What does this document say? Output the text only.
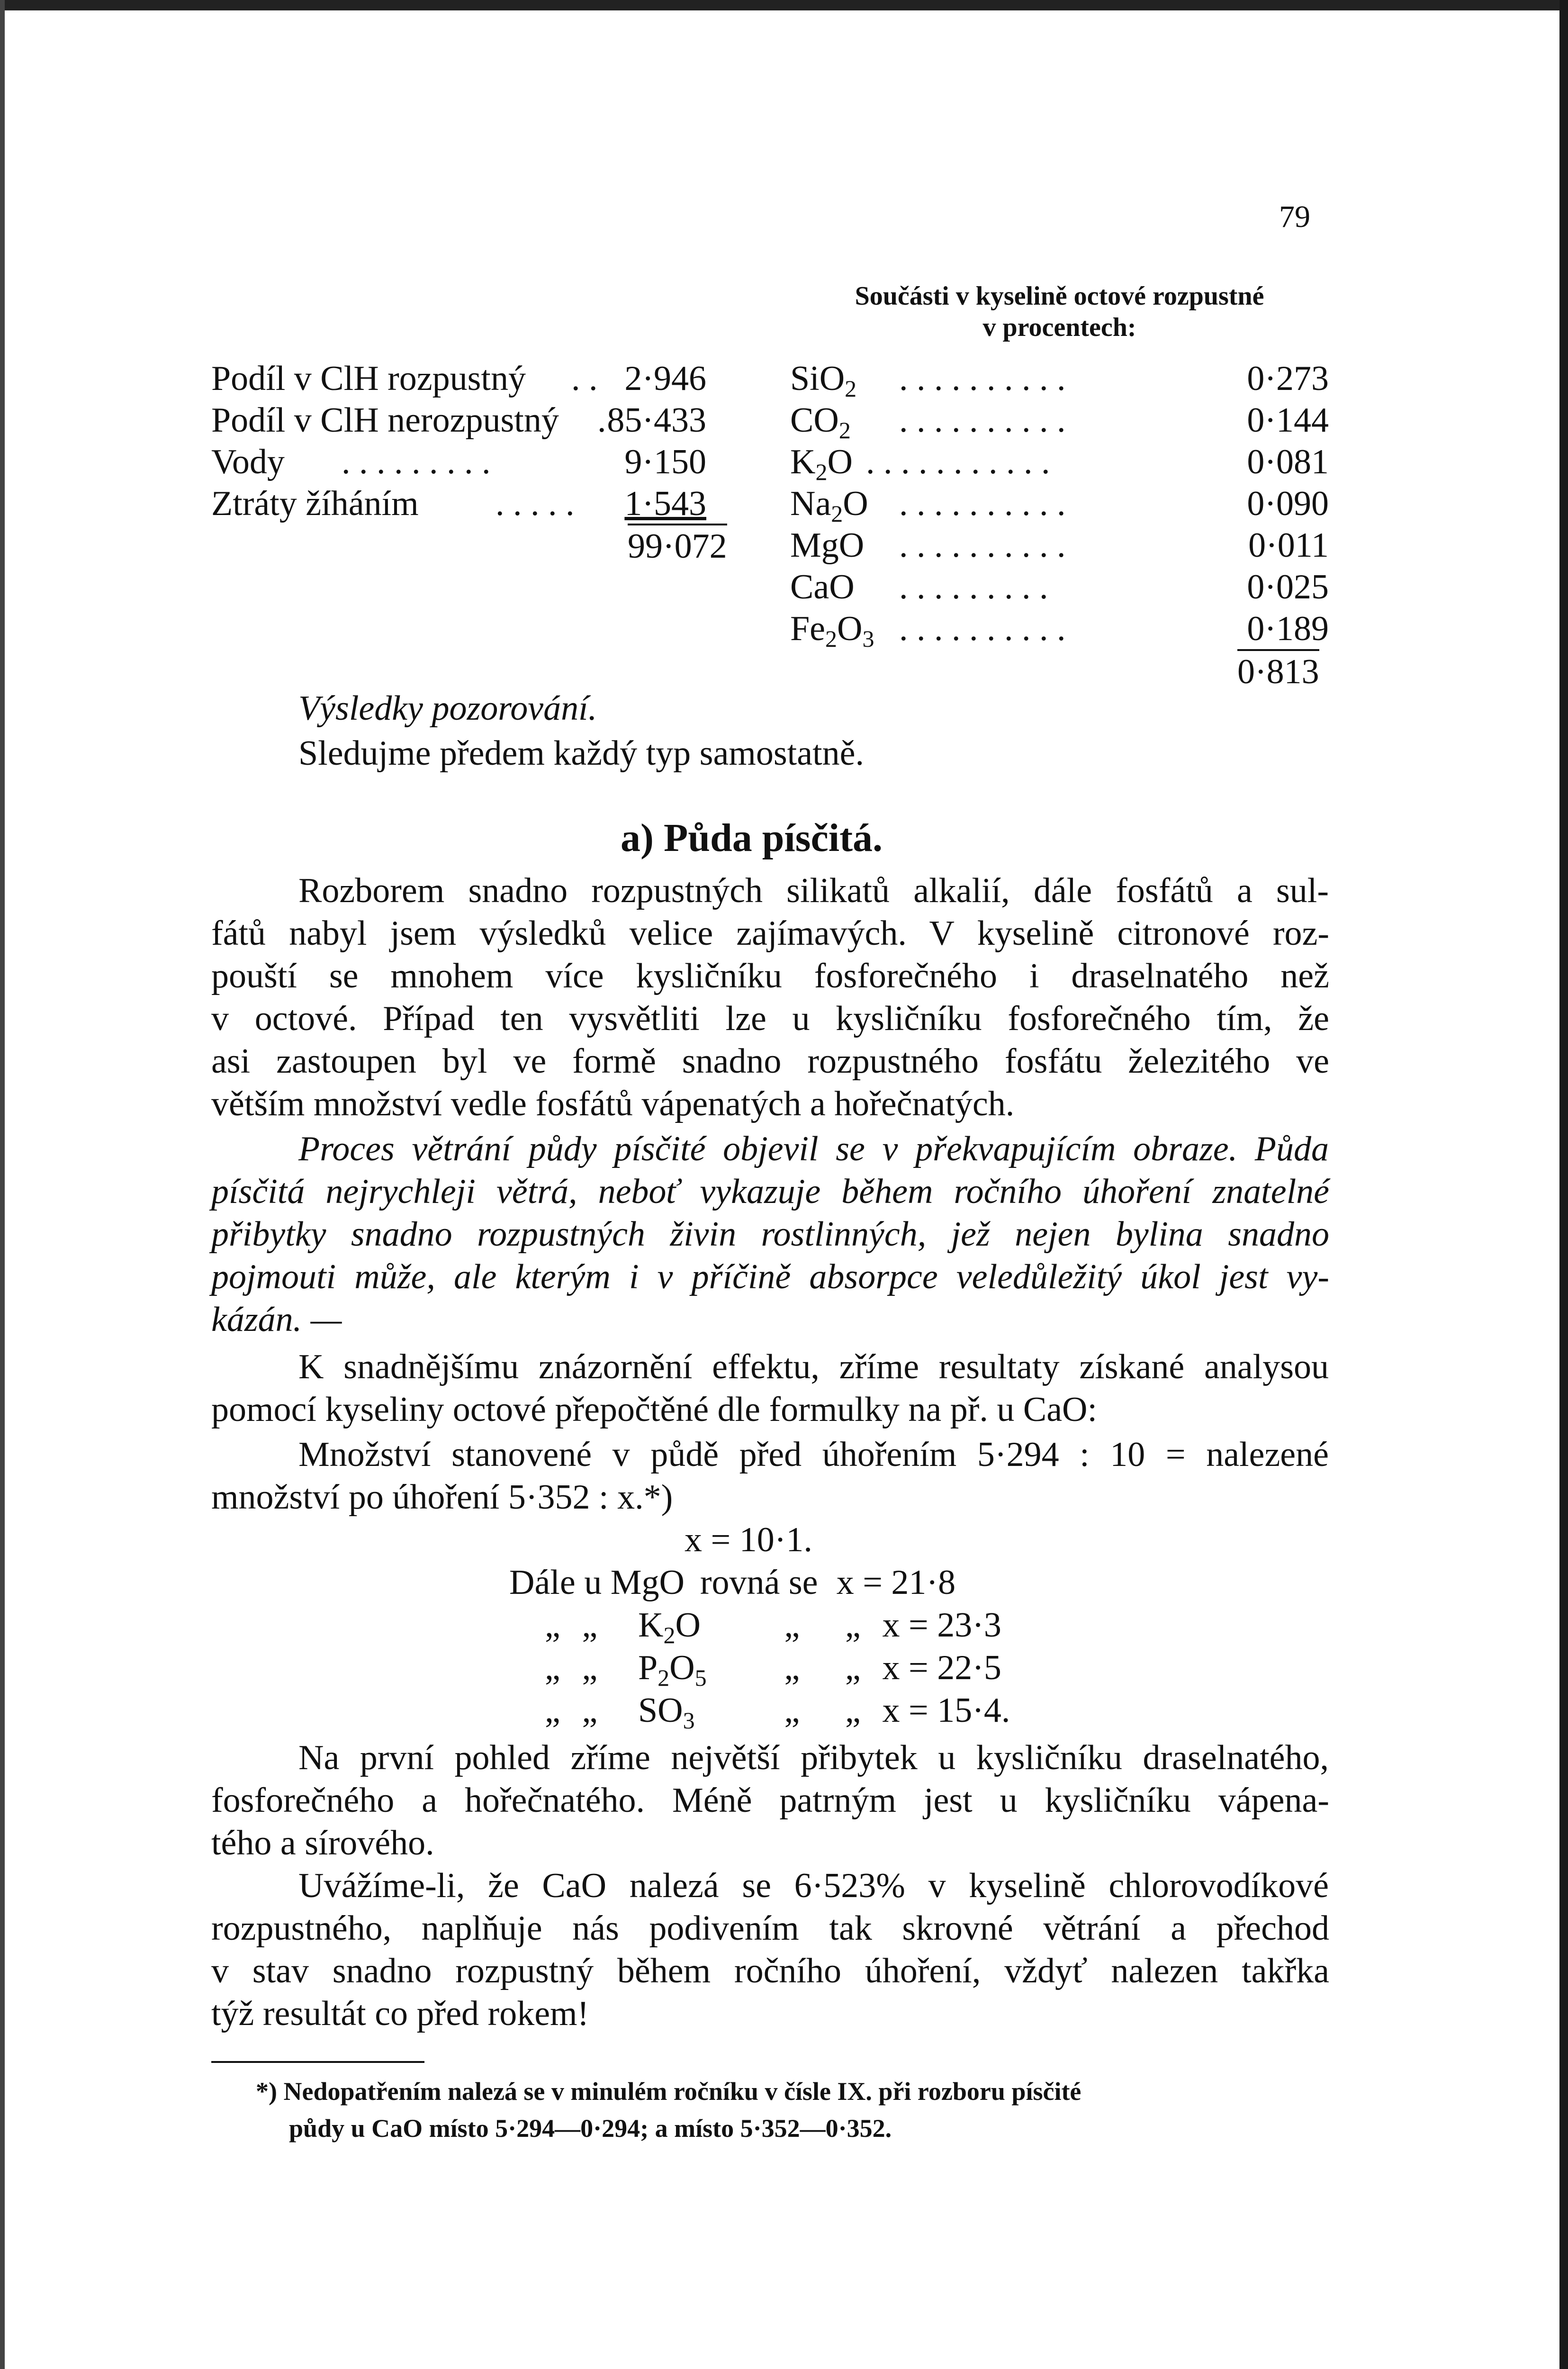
79
Podíl v ClH rozpustný . . 2·946
Podíl v ClH nerozpustný . 85·433
Vody . . . . . . . . .	9·150
Ztráty žíháním . . . . . 1·543
99·072
Součásti v kyselině octové rozpustné
v procentech:
SiO$_2$ . . . . . . . . . .	0·273
$CO_2$ . . . . . . . . . .	0·144
$K_2O$ . . . . . . . . . . .	0·081
$Na_2O$ . . . . . . . . . .	0·090
MgO . . . . . . . . . .	0·011
CaO . . . . . . . . .	0·025
$Fe_2O_3$ . . . . . . . . . .	0·189
0·813
Výsledky pozorování.
Sledujme předem každý typ samostatně.
a) Půda písčitá.
Rozborem snadno rozpustných silikatů alkalií, dále fosfátů a sul-
fátů nabyl jsem výsledků velice zajímavých. V kyselině citronové roz-
pouští se mnohem více kysličníku fosforečného i draselnatého než
v octové. Případ ten vysvětliti lze u kysličníku fosforečného tím, že
asi zastoupen byl ve formě snadno rozpustného fosfátu železitého ve
větším množství vedle fosfátů vápenatých a hořečnatých.
Proces větrání půdy písčité objevil se v překvapujícím obraze. Půda
písčitá nejrychleji větrá, neboť vykazuje během ročního úhoření znatelné
přibytky snadno rozpustných živin rostlinných, jež nejen bylina snadno
pojmouti může, ale kterým i v příčině absorpce veledůležitý úkol jest vy-
kázán. —
K snadnějšímu znázornění effektu, zříme resultaty získané analysou
pomocí kyseliny octové přepočtěné dle formulky na př. u CaO:
Množství stanovené v půdě před úhořením 5·294 : 10 = nalezené
množství po úhoření 5·352 : x.*)
x = 10·1.
Dále u MgO rovná se x = 21·8
„ „ $K_2O$ „ „ x = 23·3
„ „ $P_2O_5$ „ „ x = 22·5
„ „ $SO_3$	„ „ x = 15·4.
Na první pohled zříme největší přibytek u kysličníku draselnatého,
fosforečného a hořečnatého. Méně patrným jest u kysličníku vápena-
tého a sírového.
Uvážíme-li, že CaO nalezá se 6·523% v kyselině chlorovodíkové
rozpustného, naplňuje nás podivením tak skrovné větrání a přechod
v stav snadno rozpustný během ročního úhoření, vždyť nalezen takřka
týž resultát co před rokem!
*) Nedopatřením nalezá se v minulém ročníku v čísle IX. při rozboru písčité
půdy u CaO místo 5·294—0·294; a místo 5·352—0·352.
